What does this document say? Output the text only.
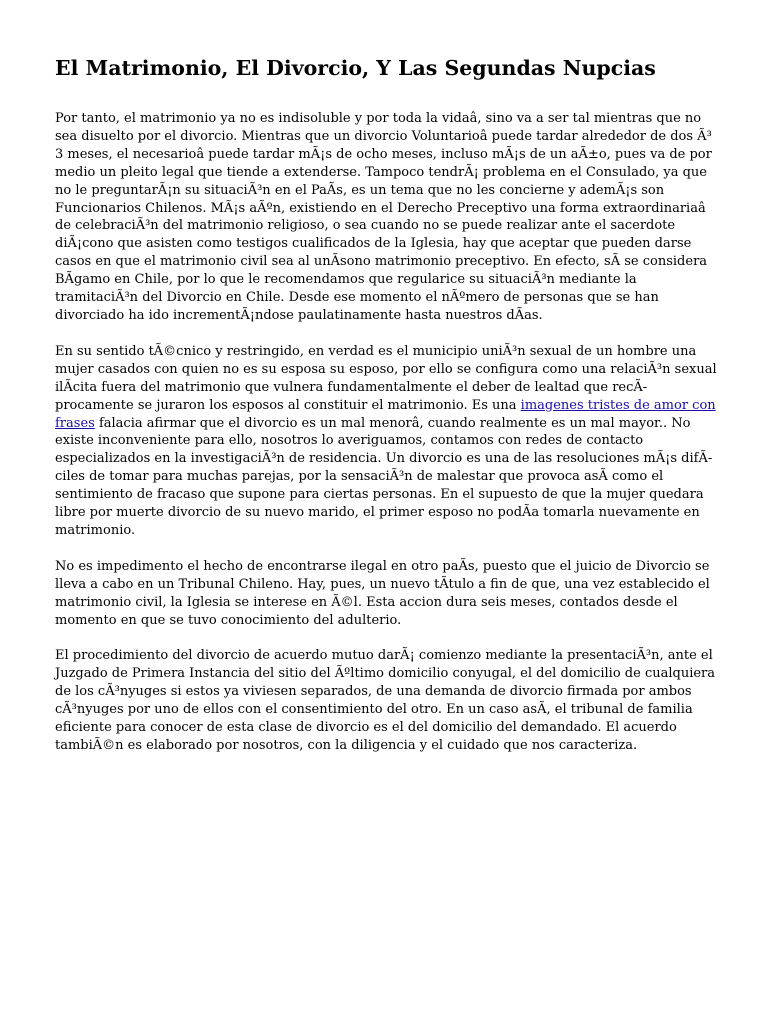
El Matrimonio, El Divorcio, Y Las Segundas Nupcias

Por tanto, el matrimonio ya no es indisoluble y por toda la vidaâ, sino va a ser tal mientras que no sea disuelto por el divorcio. Mientras que un divorcio Voluntarioâ puede tardar alrededor de dos Ã³ 3 meses, el necesarioâ puede tardar mÃ¡s de ocho meses, incluso mÃ¡s de un aÃ±o, pues va de por medio un pleito legal que tiende a extenderse. Tampoco tendrÃ¡ problema en el Consulado, ya que no le preguntarÃ¡n su situaciÃ³n en el PaÃs, es un tema que no les concierne y ademÃ¡s son Funcionarios Chilenos. MÃ¡s aÃºn, existiendo en el Derecho Preceptivo una forma extraordinariaâ de celebraciÃ³n del matrimonio religioso, o sea cuando no se puede realizar ante el sacerdote diÃ¡cono que asisten como testigos cualificados de la Iglesia, hay que aceptar que pueden darse casos en que el matrimonio civil sea al unÃsono matrimonio preceptivo. En efecto, sÃ se considera BÃgamo en Chile, por lo que le recomendamos que regularice su situaciÃ³n mediante la tramitaciÃ³n del Divorcio en Chile. Desde ese momento el nÃºmero de personas que se han divorciado ha ido incrementÃ¡ndose paulatinamente hasta nuestros dÃas.

En su sentido tÃ©cnico y restringido, en verdad es el municipio uniÃ³n sexual de un hombre una mujer casados con quien no es su esposa su esposo, por ello se configura como una relaciÃ³n sexual ilÃcita fuera del matrimonio que vulnera fundamentalmente el deber de lealtad que recÃprocamente se juraron los esposos al constituir el matrimonio. Es una imagenes tristes de amor con frases falacia afirmar que el divorcio es un mal menorâ, cuando realmente es un mal mayor.. No existe inconveniente para ello, nosotros lo averiguamos, contamos con redes de contacto especializados en la investigaciÃ³n de residencia. Un divorcio es una de las resoluciones mÃ¡s difÃciles de tomar para muchas parejas, por la sensaciÃ³n de malestar que provoca asÃ como el sentimiento de fracaso que supone para ciertas personas. En el supuesto de que la mujer quedara libre por muerte divorcio de su nuevo marido, el primer esposo no podÃa tomarla nuevamente en matrimonio.

No es impedimento el hecho de encontrarse ilegal en otro paÃs, puesto que el juicio de Divorcio se lleva a cabo en un Tribunal Chileno. Hay, pues, un nuevo tÃtulo a fin de que, una vez establecido el matrimonio civil, la Iglesia se interese en Ã©l. Esta accion dura seis meses, contados desde el momento en que se tuvo conocimiento del adulterio.

El procedimiento del divorcio de acuerdo mutuo darÃ¡ comienzo mediante la presentaciÃ³n, ante el Juzgado de Primera Instancia del sitio del Ãºltimo domicilio conyugal, el del domicilio de cualquiera de los cÃ³nyuges si estos ya viviesen separados, de una demanda de divorcio firmada por ambos cÃ³nyuges por uno de ellos con el consentimiento del otro. En un caso asÃ, el tribunal de familia eficiente para conocer de esta clase de divorcio es el del domicilio del demandado. El acuerdo tambiÃ©n es elaborado por nosotros, con la diligencia y el cuidado que nos caracteriza.
